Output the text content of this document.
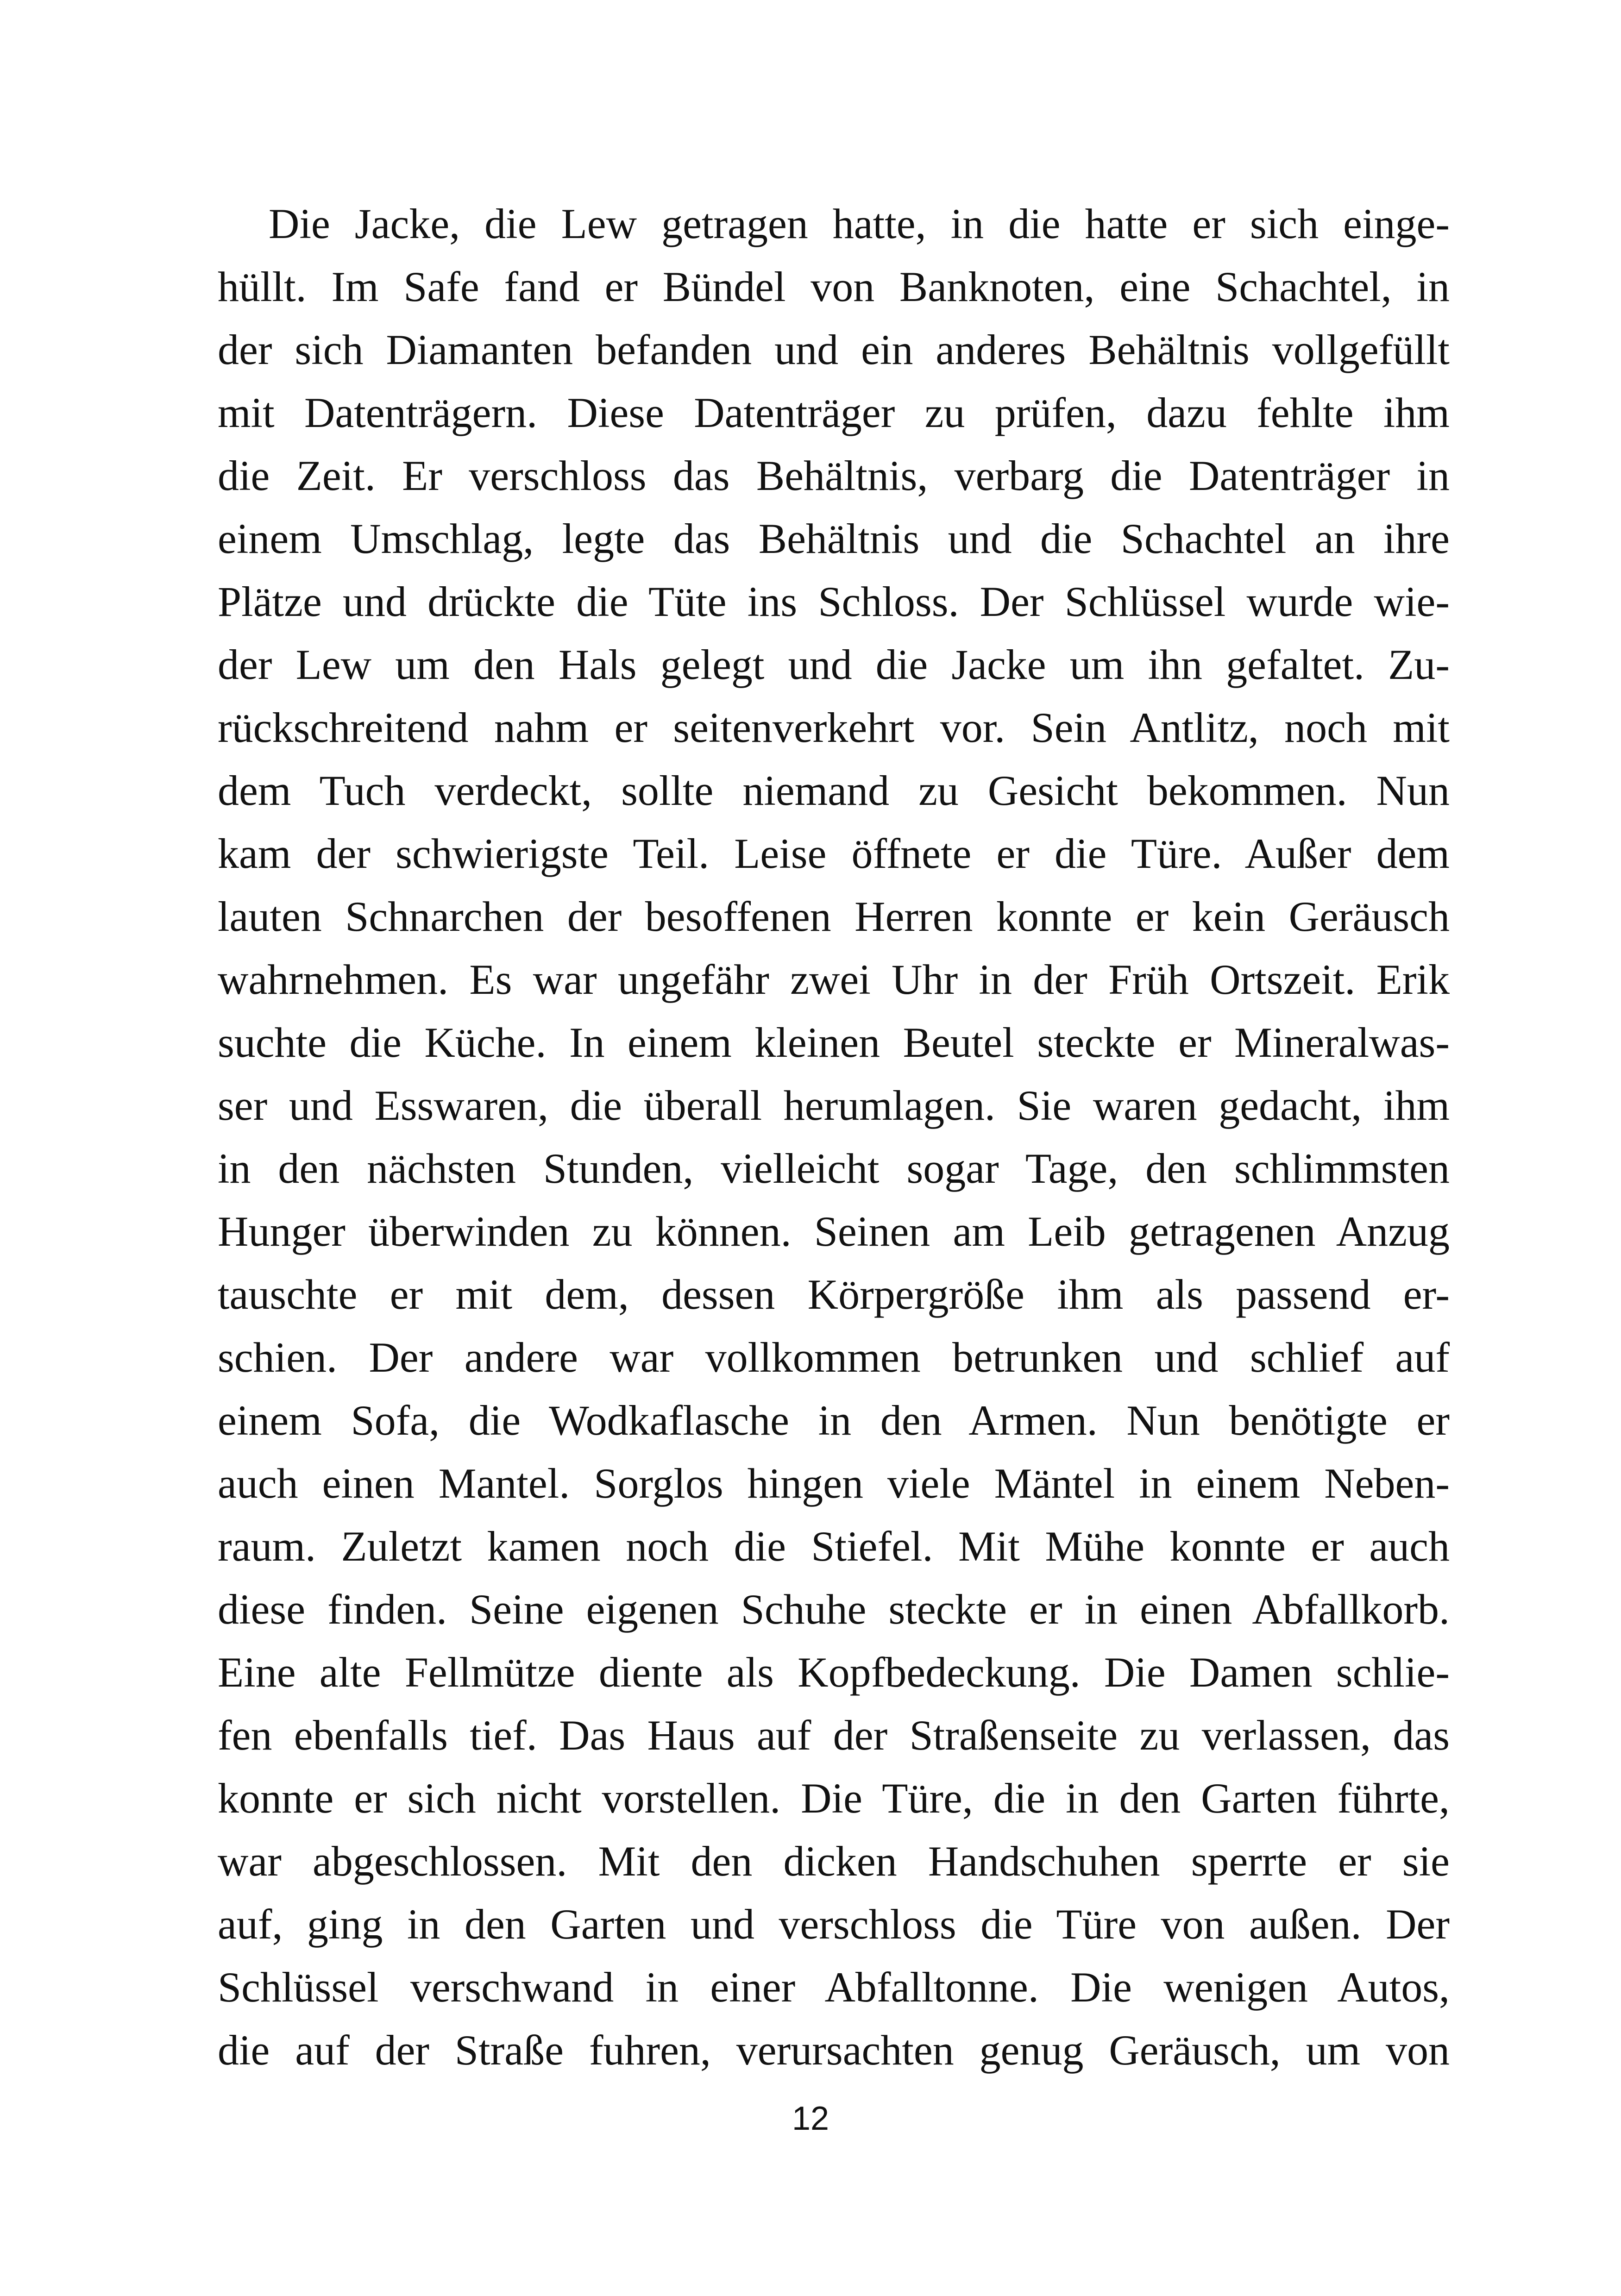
Die Jacke, die Lew getragen hatte, in die hatte er sich einge-
hüllt. Im Safe fand er Bündel von Banknoten, eine Schachtel, in
der sich Diamanten befanden und ein anderes Behältnis vollgefüllt
mit Datenträgern. Diese Datenträger zu prüfen, dazu fehlte ihm
die Zeit. Er verschloss das Behältnis, verbarg die Datenträger in
einem Umschlag, legte das Behältnis und die Schachtel an ihre
Plätze und drückte die Tüte ins Schloss. Der Schlüssel wurde wie-
der Lew um den Hals gelegt und die Jacke um ihn gefaltet. Zu-
rückschreitend nahm er seitenverkehrt vor. Sein Antlitz, noch mit
dem Tuch verdeckt, sollte niemand zu Gesicht bekommen. Nun
kam der schwierigste Teil. Leise öffnete er die Türe. Außer dem
lauten Schnarchen der besoffenen Herren konnte er kein Geräusch
wahrnehmen. Es war ungefähr zwei Uhr in der Früh Ortszeit. Erik
suchte die Küche. In einem kleinen Beutel steckte er Mineralwas-
ser und Esswaren, die überall herumlagen. Sie waren gedacht, ihm
in den nächsten Stunden, vielleicht sogar Tage, den schlimmsten
Hunger überwinden zu können. Seinen am Leib getragenen Anzug
tauschte er mit dem, dessen Körpergröße ihm als passend er-
schien. Der andere war vollkommen betrunken und schlief auf
einem Sofa, die Wodkaflasche in den Armen. Nun benötigte er
auch einen Mantel. Sorglos hingen viele Mäntel in einem Neben-
raum. Zuletzt kamen noch die Stiefel. Mit Mühe konnte er auch
diese finden. Seine eigenen Schuhe steckte er in einen Abfallkorb.
Eine alte Fellmütze diente als Kopfbedeckung. Die Damen schlie-
fen ebenfalls tief. Das Haus auf der Straßenseite zu verlassen, das
konnte er sich nicht vorstellen. Die Türe, die in den Garten führte,
war abgeschlossen. Mit den dicken Handschuhen sperrte er sie
auf, ging in den Garten und verschloss die Türe von außen. Der
Schlüssel verschwand in einer Abfalltonne. Die wenigen Autos,
die auf der Straße fuhren, verursachten genug Geräusch, um von
12
